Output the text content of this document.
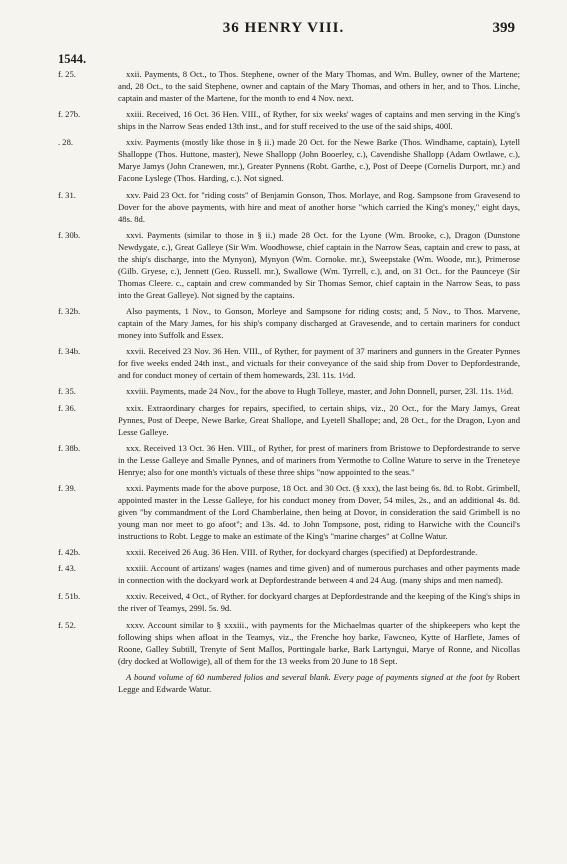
36 HENRY VIII.	399
1544.
f. 25.	xxii. Payments, 8 Oct., to Thos. Stephene, owner of the Mary Thomas, and Wm. Bulley, owner of the Martene; and, 28 Oct., to the said Stephene, owner and captain of the Mary Thomas, and others in her, and to Thos. Linche, captain and master of the Martene, for the month to end 4 Nov. next.

f. 27b.	xxiii. Received, 16 Oct. 36 Hen. VIII., of Ryther, for six weeks' wages of captains and men serving in the King's ships in the Narrow Seas ended 13th inst., and for stuff received to the use of the said ships, 400l.

. 28.	xxiv. Payments (mostly like those in § ii.) made 20 Oct. for the Newe Barke (Thos. Windhame, captain), Lytell Shalloppe (Thos. Huttone, master), Newe Shallopp (John Booerley, c.), Cavendishe Shallopp (Adam Owtlawe, c.), Marye Jamys (John Cranewen, mr.), Greater Pynnens (Robt. Garthe, c.), Post of Deepe (Cornelis Durport, mr.) and Facone Lyslege (Thos. Harding, c.). Not signed.

f. 31.	xxv. Paid 23 Oct. for "riding costs" of Benjamin Gonson, Thos. Morlaye, and Rog. Sampsone from Gravesend to Dover for the above payments, with hire and meat of another horse "which carried the King's money," eight days, 48s. 8d.

f. 30b.	xxvi. Payments (similar to those in § ii.) made 28 Oct. for the Lyone (Wm. Brooke, c.), Dragon (Dunstone Newdygate, c.), Great Galleye (Sir Wm. Woodhowse, chief captain in the Narrow Seas, captain and crew to pass, at the ship's discharge, into the Mynyon), Mynyon (Wm. Cornoke. mr.), Sweepstake (Wm. Woode, mr.), Primerose (Gilb. Gryese, c.), Jennett (Geo. Russell. mr.), Swallowe (Wm. Tyrrell, c.), and, on 31 Oct.. for the Paunceye (Sir Thomas Cleere. c., captain and crew commanded by Sir Thomas Semor, chief captain in the Narrow Seas, to pass into the Great Galleye). Not signed by the captains.

f. 32b.	Also payments, 1 Nov., to Gonson, Morleye and Sampsone for riding costs; and, 5 Nov., to Thos. Marvene, captain of the Mary James, for his ship's company discharged at Gravesende, and to certain mariners for conduct money into Suffolk and Essex.

f. 34b.	xxvii. Received 23 Nov. 36 Hen. VIII., of Ryther, for payment of 37 mariners and gunners in the Greater Pynnes for five weeks ended 24th inst., and victuals for their conveyance of the said ship from Dover to Depfordestrande, and for conduct money of certain of them homewards, 23l. 11s. 1½d.

f. 35.	xxviii. Payments, made 24 Nov., for the above to Hugh Tolleye, master, and John Donnell, purser, 23l. 11s. 1½d.

f. 36.	xxix. Extraordinary charges for repairs, specified, to certain ships, viz., 20 Oct., for the Mary Jamys, Great Pynnes, Post of Deepe, Newe Barke, Great Shallope, and Lyetell Shallope; and, 28 Oct., for the Dragon, Lyon and Lesse Galleye.

f. 38b.	xxx. Received 13 Oct. 36 Hen. VIII., of Ryther, for prest of mariners from Bristowe to Depfordestrande to serve in the Lesse Galleye and Smalle Pynnes, and of mariners from Yermothe to Collne Wature to serve in the Treneteye Henrye; also for one month's victuals of these three ships "now appointed to the seas."

f. 39.	xxxi. Payments made for the above purpose, 18 Oct. and 30 Oct. (§ xxx), the last being 6s. 8d. to Robt. Grimbell, appointed master in the Lesse Galleye, for his conduct money from Dover, 54 miles, 2s., and an additional 4s. 8d. given "by commandment of the Lord Chamberlaine, then being at Dovor, in consideration the said Grimbell is no young man nor meet to go afoot"; and 13s. 4d. to John Tompsone, post, riding to Harwiche with the Council's instructions to Robt. Legge to make an estimate of the King's "marine charges" at Collne Watur.

f. 42b.	xxxii. Received 26 Aug. 36 Hen. VIII. of Ryther, for dockyard charges (specified) at Depfordestrande.

f. 43.	xxxiii. Account of artizans' wages (names and time given) and of numerous purchases and other payments made in connection with the dockyard work at Depfordestrande between 4 and 24 Aug. (many ships and men named).

f. 51b.	xxxiv. Received, 4 Oct., of Ryther. for dockyard charges at Depfordestrande and the keeping of the King's ships in the river of Teamys, 299l. 5s. 9d.

f. 52.	xxxv. Account similar to § xxxiii., with payments for the Michaelmas quarter of the shipkeepers who kept the following ships when afloat in the Teamys, viz., the Frenche hoy barke, Fawcneo, Kytte of Harflete, James of Roone, Galley Subtill, Trenyte of Sent Mallos, Porttingale barke, Bark Lartyngui, Marye of Ronne, and Nicollas (dry docked at Wollowige), all of them for the 13 weeks from 20 June to 18 Sept.

A bound volume of 60 numbered folios and several blank. Every page of payments signed at the foot by Robert Legge and Edwarde Watur.
